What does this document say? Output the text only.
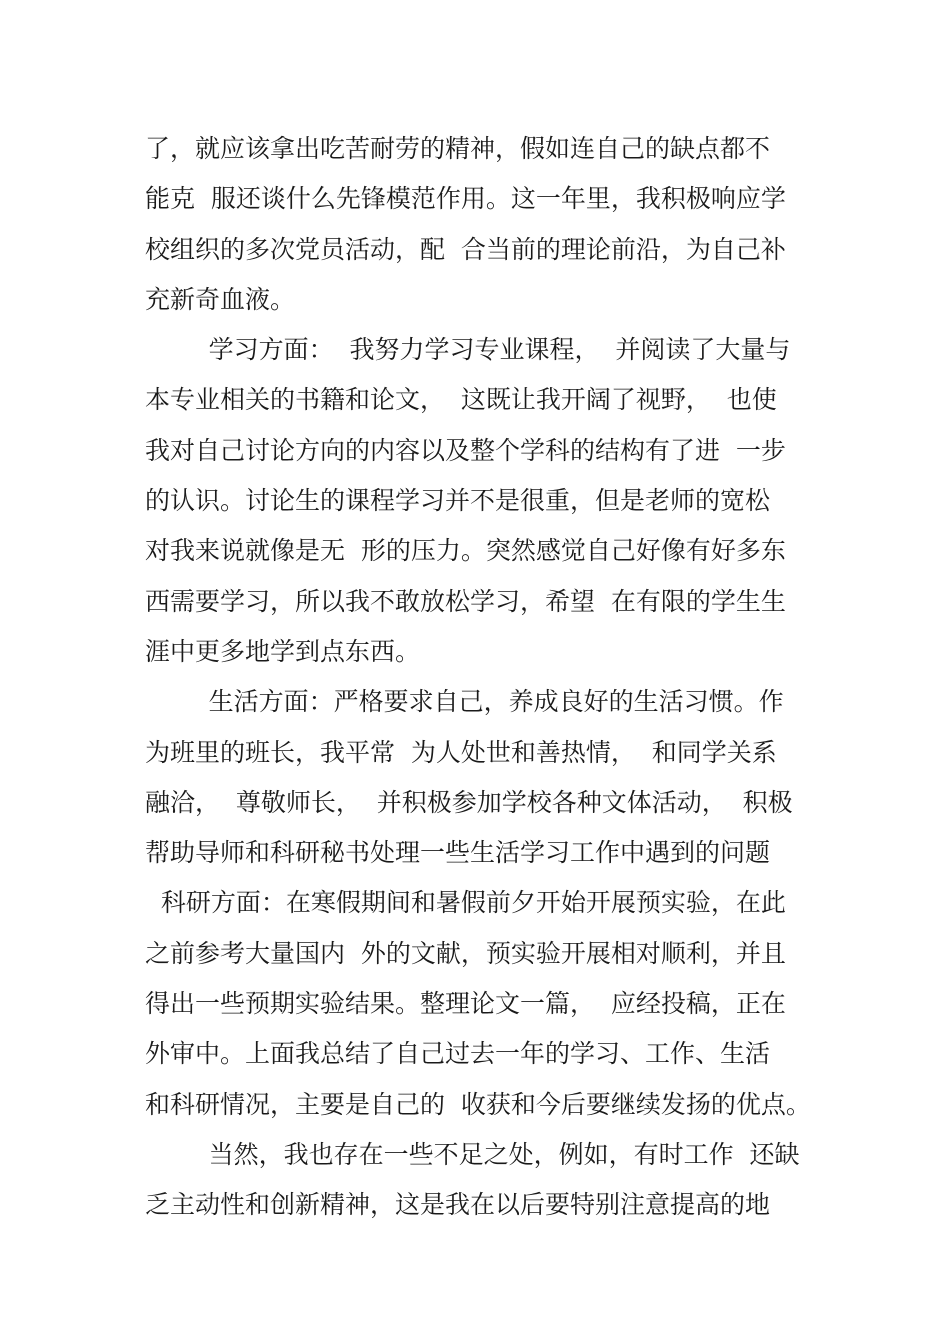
了，就应该拿出吃苦耐劳的精神，假如连自己的缺点都不
能克  服还谈什么先锋模范作用。这一年里，我积极响应学
校组织的多次党员活动，配  合当前的理论前沿，为自己补
充新奇血液。
学习方面：  我努力学习专业课程，  并阅读了大量与
本专业相关的书籍和论文，  这既让我开阔了视野，  也使
我对自己讨论方向的内容以及整个学科的结构有了进  一步
的认识。讨论生的课程学习并不是很重，但是老师的宽松
对我来说就像是无  形的压力。突然感觉自己好像有好多东
西需要学习，所以我不敢放松学习，希望  在有限的学生生
涯中更多地学到点东西。
生活方面：严格要求自己，养成良好的生活习惯。作
为班里的班长，我平常  为人处世和善热情，  和同学关系
融洽，  尊敬师长，  并积极参加学校各种文体活动，  积极
帮助导师和科研秘书处理一些生活学习工作中遇到的问题
科研方面：在寒假期间和暑假前夕开始开展预实验，在此
之前参考大量国内  外的文献，预实验开展相对顺利，并且
得出一些预期实验结果。整理论文一篇，  应经投稿，正在
外审中。上面我总结了自己过去一年的学习、工作、生活
和科研情况，主要是自己的  收获和今后要继续发扬的优点。
当然，我也存在一些不足之处，例如，有时工作  还缺
乏主动性和创新精神，这是我在以后要特别注意提高的地
